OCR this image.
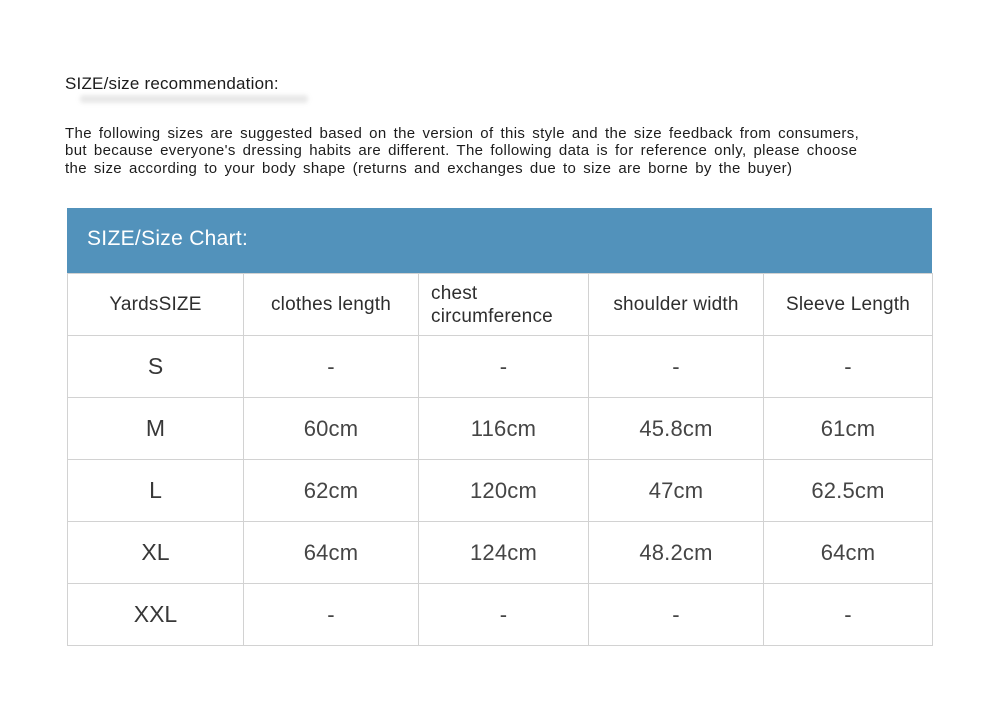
SIZE/size recommendation:
The following sizes are suggested based on the version of this style and the size feedback from consumers,
but because everyone's dressing habits are different. The following data is for reference only, please choose
the size according to your body shape (returns and exchanges due to size are borne by the buyer)
SIZE/Size Chart:
YardsSIZE	clothes length	chest circumference	shoulder width	Sleeve Length
S	-	-	-	-
M	60cm	116cm	45.8cm	61cm
L	62cm	120cm	47cm	62.5cm
XL	64cm	124cm	48.2cm	64cm
XXL	-	-	-	-
